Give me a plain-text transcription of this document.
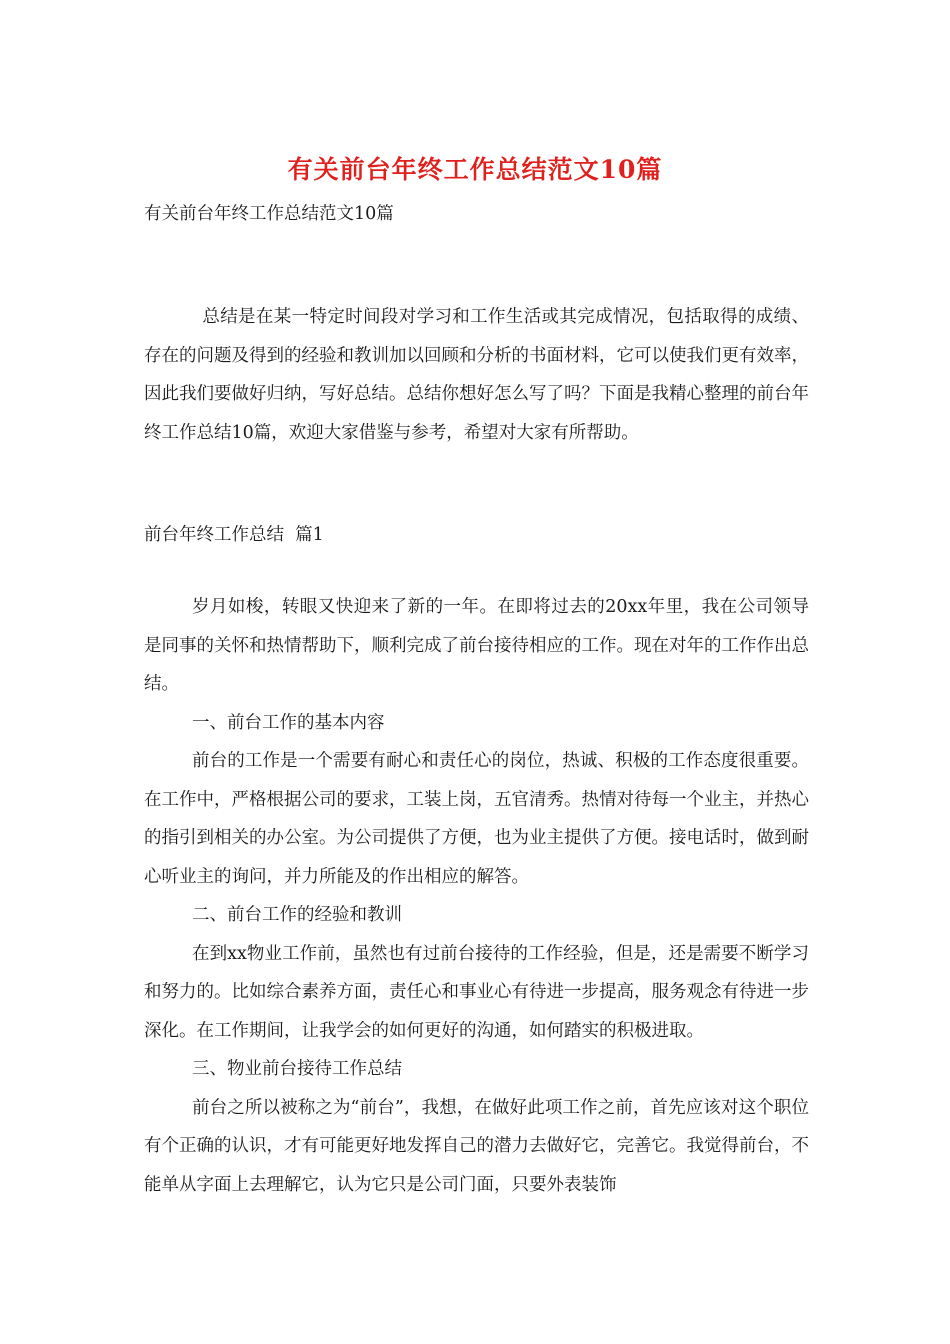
有关前台年终工作总结范文10篇
有关前台年终工作总结范文10篇
总结是在某一特定时间段对学习和工作生活或其完成情况，包括取得的成绩、存在的问题及得到的经验和教训加以回顾和分析的书面材料，它可以使我们更有效率，因此我们要做好归纳，写好总结。总结你想好怎么写了吗？下面是我精心整理的前台年终工作总结10篇，欢迎大家借鉴与参考，希望对大家有所帮助。
前台年终工作总结  篇1

岁月如梭，转眼又快迎来了新的一年。在即将过去的20xx年里，我在公司领导是同事的关怀和热情帮助下，顺利完成了前台接待相应的工作。现在对年的工作作出总结。

一、前台工作的基本内容

前台的工作是一个需要有耐心和责任心的岗位，热诚、积极的工作态度很重要。在工作中，严格根据公司的要求，工装上岗，五官清秀。热情对待每一个业主，并热心的指引到相关的办公室。为公司提供了方便，也为业主提供了方便。接电话时，做到耐心听业主的询问，并力所能及的作出相应的解答。

二、前台工作的经验和教训

在到xx物业工作前，虽然也有过前台接待的工作经验，但是，还是需要不断学习和努力的。比如综合素养方面，责任心和事业心有待进一步提高，服务观念有待进一步深化。在工作期间，让我学会的如何更好的沟通，如何踏实的积极进取。

三、物业前台接待工作总结

前台之所以被称之为“前台”，我想，在做好此项工作之前，首先应该对这个职位有个正确的认识，才有可能更好地发挥自己的潜力去做好它，完善它。我觉得前台，不能单从字面上去理解它，认为它只是公司门面，只要外表装饰
